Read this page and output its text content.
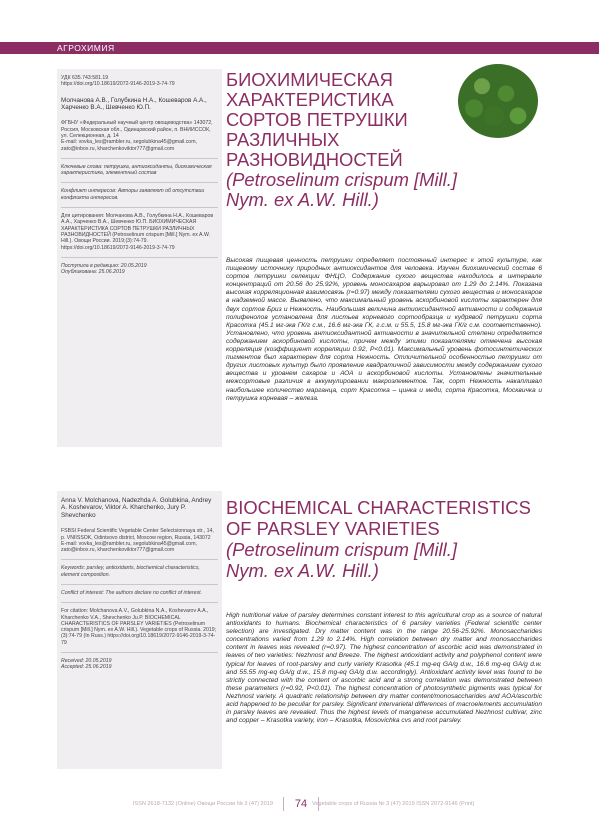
АГРОХИМИЯ

УДК 635.743:581.19

https://doi.org/10.18619/2072-9146-2019-3-74-79

Молчанова А.В., Голубкина Н.А., Кошеваров А.А., Харченко В.А., Шевченко Ю.П.

ФГБНУ «Федеральный научный центр овощеводства» 143072, Россия, Московская обл., Одинцовский район, п. ВНИИССОК, ул. Селекционная, д. 14

E-mail: vovka_les@rambler.ru, segolubkina45@gmail.com, zato@inbox.ru, kharchenkoviktor777@gmail.com

Ключевые слова: петрушка, антиоксиданты, биохимическая характеристика, элементный состав

Конфликт интересов: Авторы заявляют об отсутствии конфликта интересов.

Для цитирования: Молчанова А.В., Голубкина Н.А., Кошеваров А.А., Харченко В.А., Шевченко Ю.П. БИОХИМИЧЕСКАЯ ХАРАКТЕРИСТИКА СОРТОВ ПЕТРУШКИ РАЗЛИЧНЫХ РАЗНОВИДНОСТЕЙ (Petroselinum crispum [Mill.] Nym. ex A.W. Hill.). Овощи России. 2019;(3):74-79. https://doi.org/10.18619/2072-9146-2019-3-74-79

Поступила в редакцию: 20.05.2019

Опубликована: 25.06.2019

БИОХИМИЧЕСКАЯ
ХАРАКТЕРИСТИКА
СОРТОВ ПЕТРУШКИ
РАЗЛИЧНЫХ
РАЗНОВИДНОСТЕЙ
(Petroselinum crispum [Mill.]
Nym. ex A.W. Hill.)
Высокая пищевая ценность петрушки определяет постоянный интерес к этой культуре, как пищевому источнику природных антиоксидантов для человека. Изучен биохимический состав 6 сортов петрушки селекции ФНЦО. Содержание сухого вещества находилось в интервале концентраций от 20.56 до 25.92%, уровень моносахаров варьировал от 1.29 до 2.14%. Показана высокая корреляционная взаимосвязь (r=0.97) между показателями сухого вещества и моносахаров в надземной массе. Выявлено, что максимальный уровень аскорбиновой кислоты характерен для двух сортов Бриз и Нежность. Наибольшая величина антиоксидантной активности и содержания полифенолов установлена для листьев корневого сортообразца и кудрявой петрушки сорта Красотка (45.1 мг-экв ГК/г с.м., 16.6 мг-экв ГК, г.с.м. и 55.5, 15.8 мг-экв ГК/г с.м. соответственно). Установлено, что уровень антиоксидантной активности в значительной степени определяется содержанием аскорбиновой кислоты, причем между этими показателями отмечена высокая корреляция (коэффициент корреляции 0.92, P<0.01). Максимальный уровень фотосинтетических пигментов был характерен для сорта Нежность. Отличительной особенностью петрушки от других листовых культур было проявление квадратичной зависимости между содержанием сухого вещества и уровнем сахаров и АОА и аскорбиновой кислоты. Установлены значительные межсортовые различия в аккумулировании макроэлементов. Так, сорт Нежность накапливал наибольшее количество марганца, сорт Красотка – цинка и меди, сорта Красотка, Москвичка и петрушка корневая – железа.

Anna V. Molchanova, Nadezhda A. Golubkina, Andrey A. Koshevarov, Viktor A. Kharchenko, Jury P. Shevchenko

FSBSI Federal Scientific Vegetable Center Selectsionnaya str., 14, p. VNIISSOK, Odintsovo district, Moscow region, Russia, 143072

E-mail: vovka_les@rambler.ru, segolubkina45@gmail.com, zato@inbox.ru, kharchenkoviktor777@gmail.com

Keywords: parsley, antioxidants, biochemical characteristics, element composition.

Conflict of interest: The authors declare no conflict of interest.

For citation: Molchanova A.V., Golubkina N.A., Koshevarov A.A., Kharchenko V.A., Shevchenko Ju.P. BIOCHEMICAL CHARACTERISTICS OF PARSLEY VARIETIES (Petroselinum crispum [Mill.] Nym. ex A.W. Hill.). Vegetable crops of Russia. 2019;(3):74-79 (In Russ.) https://doi.org/10.18619/2072-9146-2019-3-74-79

Received: 20.05.2019

Accepted: 25.06.2019

BIOCHEMICAL CHARACTERISTICS
OF PARSLEY VARIETIES
(Petroselinum crispum [Mill.]
Nym. ex A.W. Hill.)
High nutritional value of parsley determines constant interest to this agricultural crop as a source of natural antioxidants to humans. Biochemical characteristics of 6 parsley varieties (Federal scientific center selection) are investigated. Dry matter content was in the range 20.56-25.92%. Monosaccharides concentrations varied from 1.29 to 2.14%. High correlation between dry matter and monosaccharides content in leaves was revealed (r=0.97). The highest concentration of ascorbic acid was demonstrated in leaves of two varieties: Nezhnost and Breeze. The highest antioxidant activity and polyphenol content were typical for leaves of root-parsley and curly variety Krasotka (45.1 mg-eq GA/g d.w., 16.6 mg-eq GA/g d.w. and 55.55 mg-eq GA/g d.w., 15.8 mg-eq GA/g d.w. accordingly). Antioxidant activity level was found to be strictly connected with the content of ascorbic acid and a strong correlation was demonstrated between these parameters (r=0.92, P<0.01). The highest concentration of photosynthetic pigments was typical for Nezhnost variety. A quadratic relationship between dry matter content/monosaccharides and AOA/ascorbic acid happened to be peculiar for parsley. Significant intervarietal differences of macroelements accumulation in parsley leaves are revealed. Thus the highest levels of manganese accumulated Nezhnost cultivar, zinc and copper – Krasotka variety, iron – Krasotka, Mosovichka cvs and root parsley.
ISSN 2618-7132 (Online) Овощи России № 3 (47) 2019	74 Vegetable crops of Russia № 3 (47) 2019 ISSN 2072-9146 (Print)
